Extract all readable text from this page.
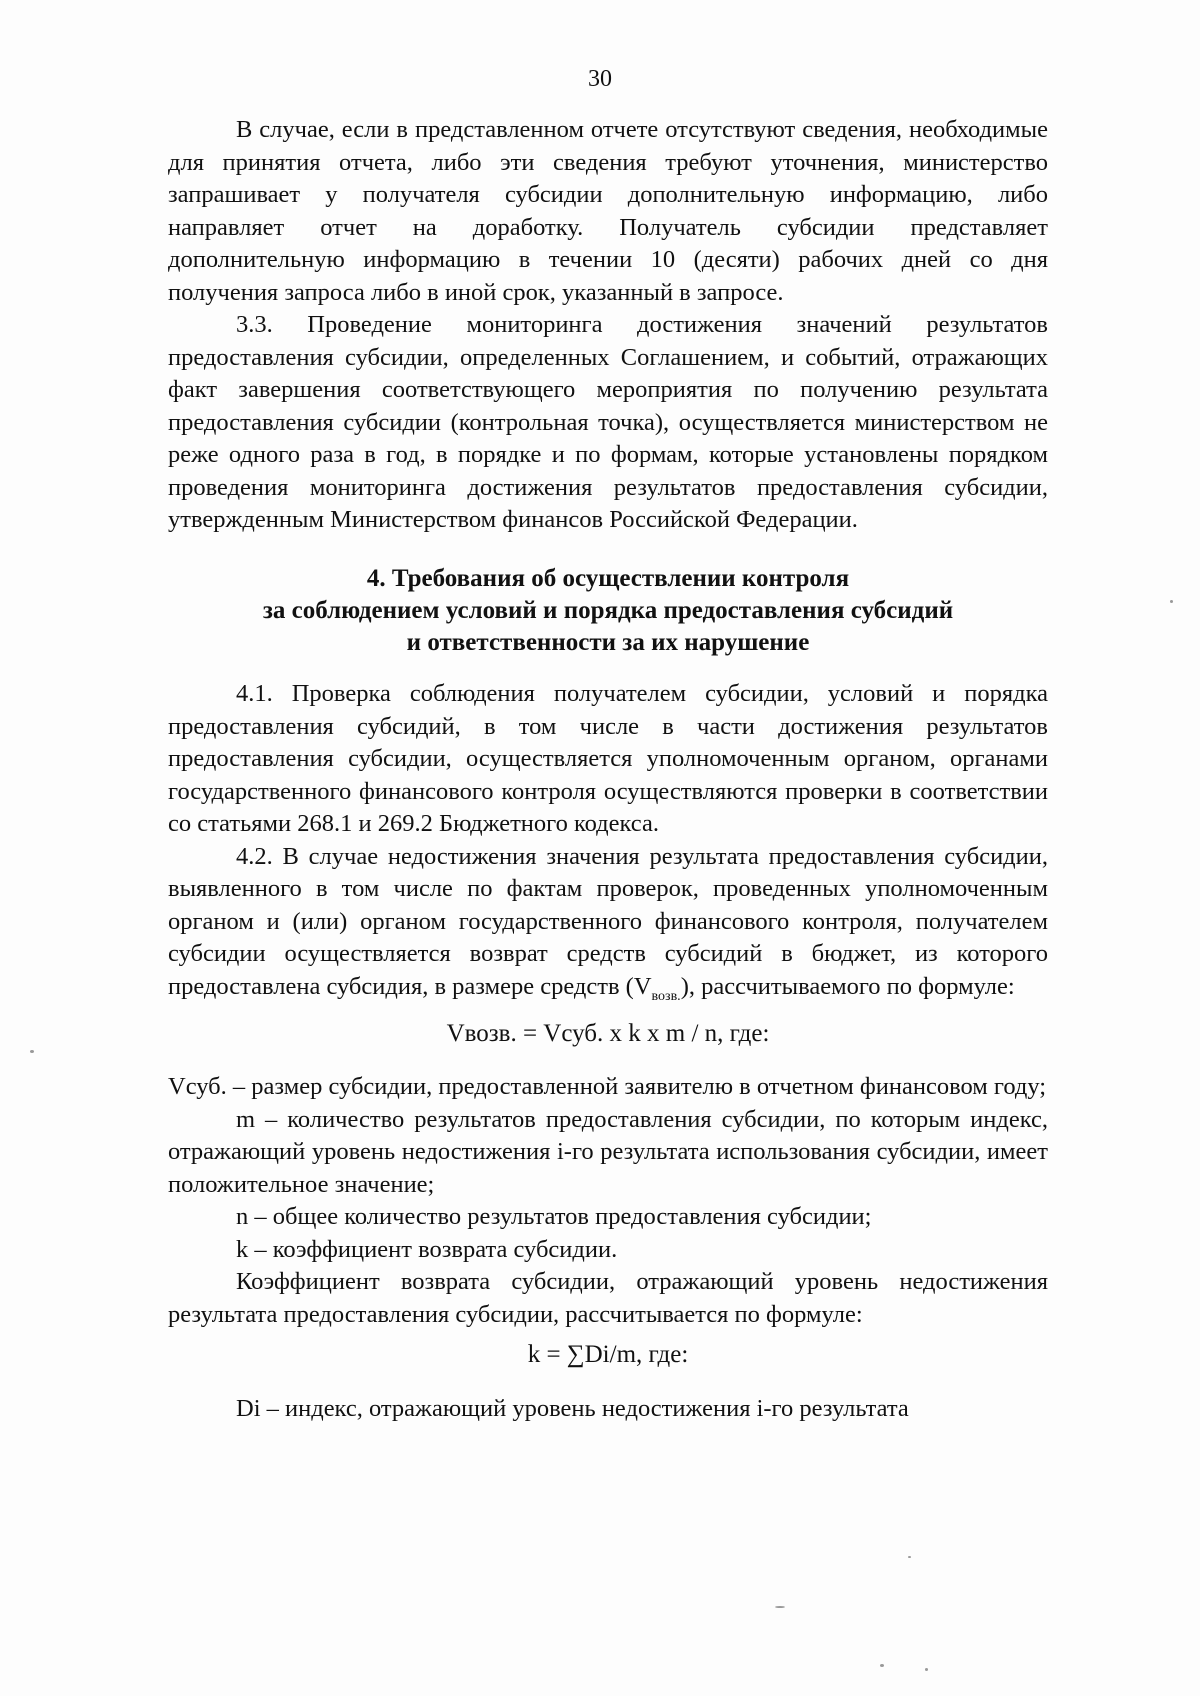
30

В случае, если в представленном отчете отсутствуют сведения, необходимые для принятия отчета, либо эти сведения требуют уточнения, министерство запрашивает у получателя субсидии дополнительную информацию, либо направляет отчет на доработку. Получатель субсидии представляет дополнительную информацию в течении 10 (десяти) рабочих дней со дня получения запроса либо в иной срок, указанный в запросе.

3.3. Проведение мониторинга достижения значений результатов предоставления субсидии, определенных Соглашением, и событий, отражающих факт завершения соответствующего мероприятия по получению результата предоставления субсидии (контрольная точка), осуществляется министерством не реже одного раза в год, в порядке и по формам, которые установлены порядком проведения мониторинга достижения результатов предоставления субсидии, утвержденным Министерством финансов Российской Федерации.

4. Требования об осуществлении контроля
за соблюдением условий и порядка предоставления субсидий
и ответственности за их нарушение

4.1. Проверка соблюдения получателем субсидии, условий и порядка предоставления субсидий, в том числе в части достижения результатов предоставления субсидии, осуществляется уполномоченным органом, органами государственного финансового контроля осуществляются проверки в соответствии со статьями 268.1 и 269.2 Бюджетного кодекса.

4.2. В случае недостижения значения результата предоставления субсидии, выявленного в том числе по фактам проверок, проведенных уполномоченным органом и (или) органом государственного финансового контроля, получателем субсидии осуществляется возврат средств субсидий в бюджет, из которого предоставлена субсидия, в размере средств $(V_{возв.})$, рассчитываемого по формуле:

Vвозв. = Vсуб. x k x m / n, где:

Vсуб. – размер субсидии, предоставленной заявителю в отчетном финансовом году;

m – количество результатов предоставления субсидии, по которым индекс, отражающий уровень недостижения i-го результата использования субсидии, имеет положительное значение;

n – общее количество результатов предоставления субсидии;

k – коэффициент возврата субсидии.

Коэффициент возврата субсидии, отражающий уровень недостижения результата предоставления субсидии, рассчитывается по формуле:

k = ∑Di/m, где:

Di – индекс, отражающий уровень недостижения i-го результата
